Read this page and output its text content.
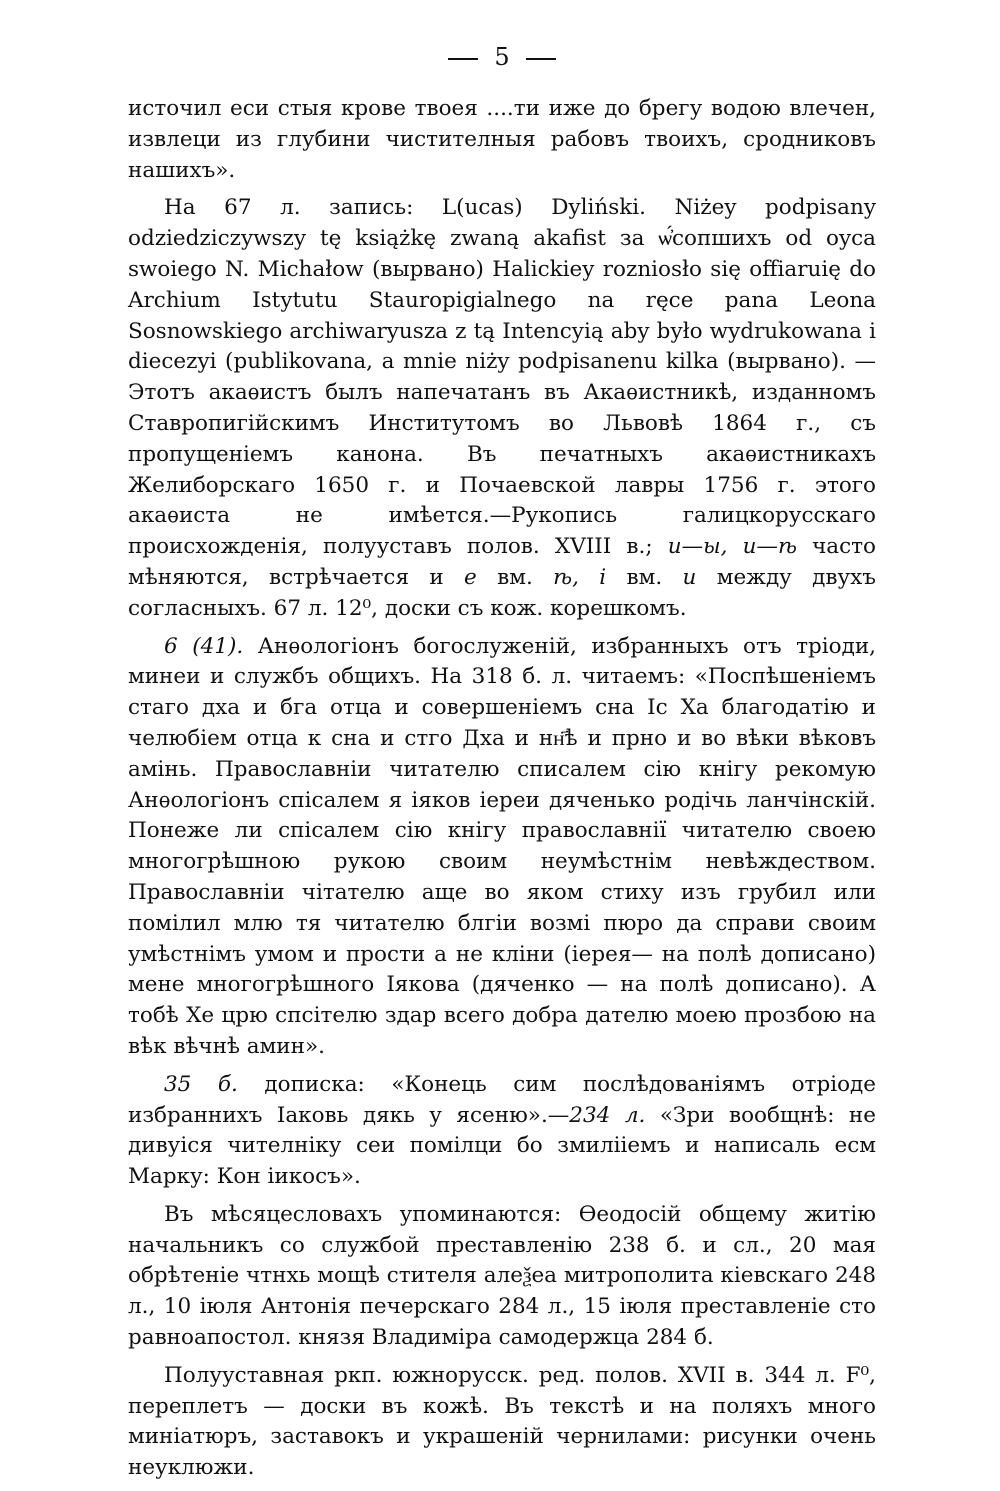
5

источил еси стыя крове твоея ....ти иже до брегу водою влечен, извлеци из глубини чистителныя рабовъ твоихъ, сродниковъ нашихъ».

На 67 л. запись: L(ucas) Dyliński. Niżey podpisany odziedziczywszy tę książkę zwaną akafist за ѡ҆́сопшихъ od oyca swoiego N. Michałow (вырвано) Halickiey rozniosło się offiaruię do Archium Istytutu Stauropigialnego na ręce pana Leona Sosnowskiego archiwaryusza z tą Intencyią aby było wydrukowana i diecezyi (publikovana, a mnie niży podpisanenu kilka (вырвано). — Этотъ акаѳистъ былъ напечатанъ въ Акаѳистникѣ, изданномъ Ставропигійскимъ Институтомъ во Львовѣ 1864 г., съ пропущеніемъ канона. Въ печатныхъ акаѳистникахъ Желиборскаго 1650 г. и Почаевской лавры 1756 г. этого акаѳиста не имѣется.—Рукопись галицкорусскаго происхожденія, полууставъ полов. XVIII в.; и—ы, и—ѣ часто мѣняются, встрѣчается и е вм. ѣ, і вм. и между двухъ согласныхъ. 67 л. 12⁰, доски съ кож. корешкомъ.

6 (41). Анѳологіонъ богослуженій, избранныхъ отъ тріоди, минеи и службъ общихъ. На 318 б. л. читаемъ: «Поспѣшеніемъ стаго дха и бга отца и совершеніемъ сна Іс Ха благодатію и челюбіем отца к сна и стго Дха и нн҃ѣ и прно и во вѣки вѣковъ амінь. Православніи читателю списалем сію кнігу рекомую Анѳологіонъ спісалем я іяков іереи дяченько родічь ланчінскій. Понеже ли спісалем сію кнігу православнії читателю своею многогрѣшною рукою своим неумѣстнім невѣждеством. Православніи чітателю аще во яком стиху изъ грубил или помілил млю тя читателю блгіи возмі пюро да справи своим умѣстнімъ умом и прости а не кліни (іерея— на полѣ дописано) мене многогрѣшного Іякова (дяченко — на полѣ дописано). А тобѣ Хе црю спсітелю здар всего добра дателю моею прозбою на вѣк вѣчнѣ амин».

35 б. дописка: «Конець сим послѣдованіямъ отріоде избраннихъ Іаковь дякь у ясеню».—234 л. «Зри вообщнѣ: не дивуіся чителніку сеи помілци бо змилiiемъ и написаль есм Марку: Кон іикосъ».

Въ мѣсяцесловахъ упоминаются: Ѳеодосій общему житію начальникъ со службой преставленію 238 б. и сл., 20 мая обрѣтеніе чтнхь мощѣ стителя алеѯеа митрополита кіевскаго 248 л., 10 іюля Антонія печерскаго 284 л., 15 іюля преставленіе сто равноапостол. князя Владиміра самодержца 284 б.

Полууставная ркп. южнорусск. ред. полов. XVII в. 344 л. F⁰, переплетъ — доски въ кожѣ. Въ текстѣ и на поляхъ много миніатюръ, заставокъ и украшеній чернилами: рисунки очень неуклюжи.
